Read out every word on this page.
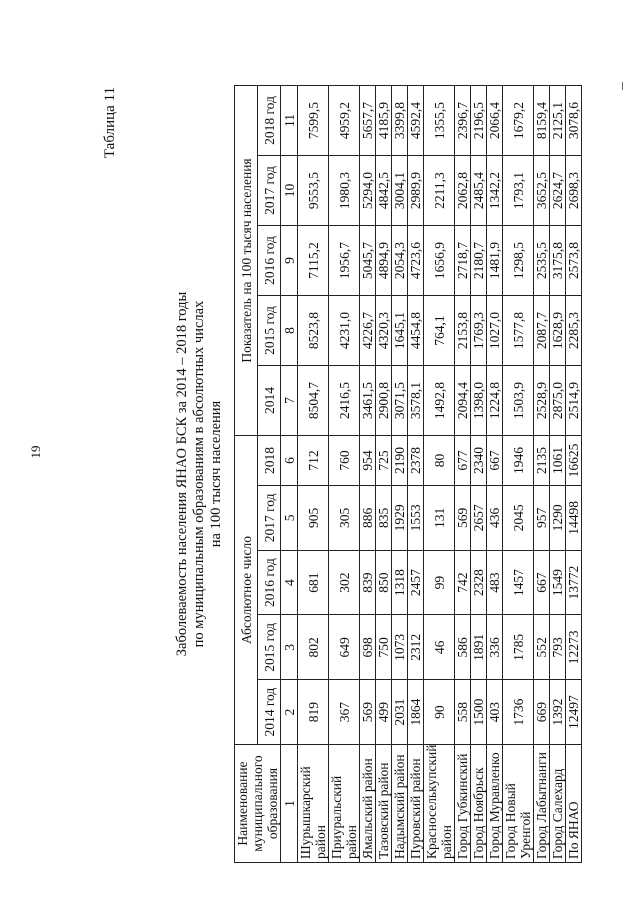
19
Таблица 11
Заболеваемость населения ЯНАО БСК за 2014 – 2018 годы по муниципальным образованиям в абсолютных числах на 100 тысяч населения
Наименование муниципального образования	Абсолютное число					Показатель на 100 тысяч населения				
	2014 год	2015 год	2016 год	2017 год	2018	2014	2015 год	2016 год	2017 год	2018 год
1	2	3	4	5	6	7	8	9	10	11
Шурышкарский район	819	802	681	905	712	8504,7	8523,8	7115,2	9553,5	7599,5
Приуральский район	367	649	302	305	760	2416,5	4231,0	1956,7	1980,3	4959,2
Ямальский район	569	698	839	886	954	3461,5	4226,7	5045,7	5294,0	5657,7
Тазовский район	499	750	850	835	725	2900,8	4320,3	4894,9	4842,5	4185,9
Надымский район	2031	1073	1318	1929	2190	3071,5	1645,1	2054,3	3004,1	3399,8
Пуровский район	1864	2312	2457	1553	2378	3578,1	4454,8	4723,6	2989,9	4592,4
Красноселькупский район	90	46	99	131	80	1492,8	764,1	1656,9	2211,3	1355,5
Город Губкинский	558	586	742	569	677	2094,4	2153,8	2718,7	2062,8	2396,7
Город Ноябрьск	1500	1891	2328	2657	2340	1398,0	1769,3	2180,7	2485,4	2196,5
Город Муравленко	403	336	483	436	667	1224,8	1027,0	1481,9	1342,2	2066,4
Город Новый Уренгой	1736	1785	1457	2045	1946	1503,9	1577,8	1298,5	1793,1	1679,2
Город Лабытнанги	669	552	667	957	2135	2528,9	2087,7	2535,5	3652,5	8159,4
Город Салехард	1392	793	1549	1290	1061	2875,0	1628,9	3175,8	2624,7	2125,1
По ЯНАО	12497	12273	13772	14498	16625	2514,9	2285,3	2573,8	2698,3	3078,6
